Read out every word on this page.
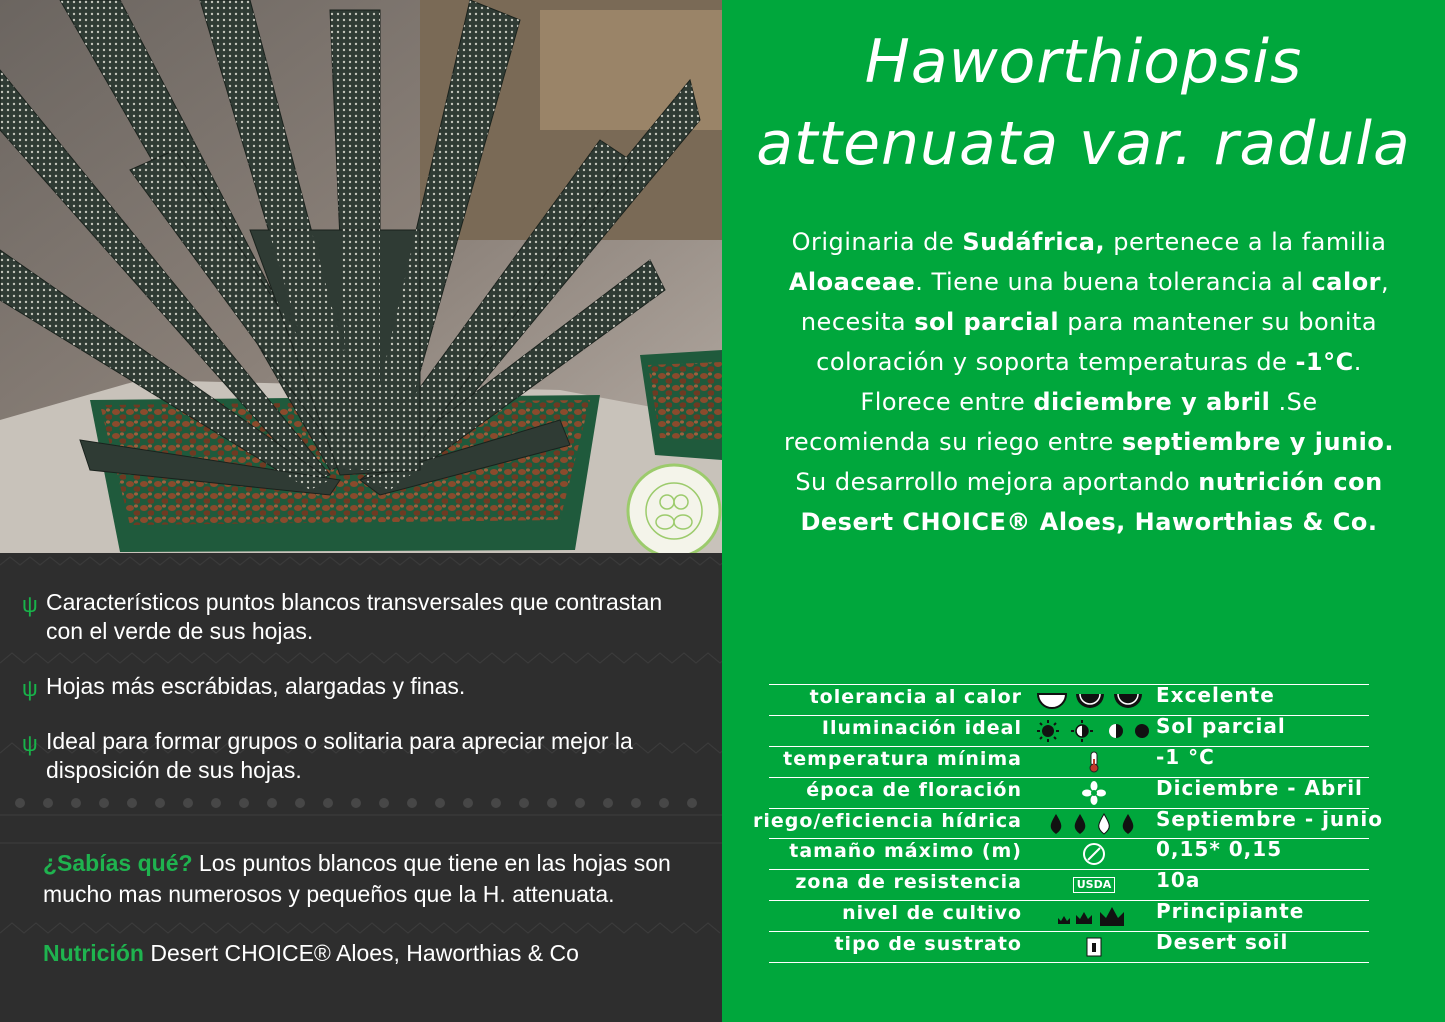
ψ Característicos puntos blancos transversales que contrastan con el verde de sus hojas.
ψ Hojas más escrábidas, alargadas y finas.
ψ Ideal para formar grupos o solitaria para apreciar mejor la disposición de sus hojas.
¿Sabías qué? Los puntos blancos que tiene en las hojas son mucho mas numerosos y pequeños que la H. attenuata.
Nutrición Desert CHOICE® Aloes, Haworthias & Co
Haworthiopsis
attenuata var. radula
Originaria de Sudáfrica, pertenece a la familia Aloaceae. Tiene una buena tolerancia al calor, necesita sol parcial para mantener su bonita coloración y soporta temperaturas de -1°C. Florece entre diciembre y abril .Se recomienda su riego entre septiembre y junio. Su desarrollo mejora aportando nutrición con Desert CHOICE® Aloes, Haworthias & Co.
tolerancia al calor	Excelente
Iluminación ideal	Sol parcial
temperatura mínima	-1 °C
época de floración	Diciembre - Abril
riego/eficiencia hídrica	Septiembre - junio
tamaño máximo (m)	0,15* 0,15
zona de resistencia	USDA 10a
nivel de cultivo	Principiante
tipo de sustrato	Desert soil
